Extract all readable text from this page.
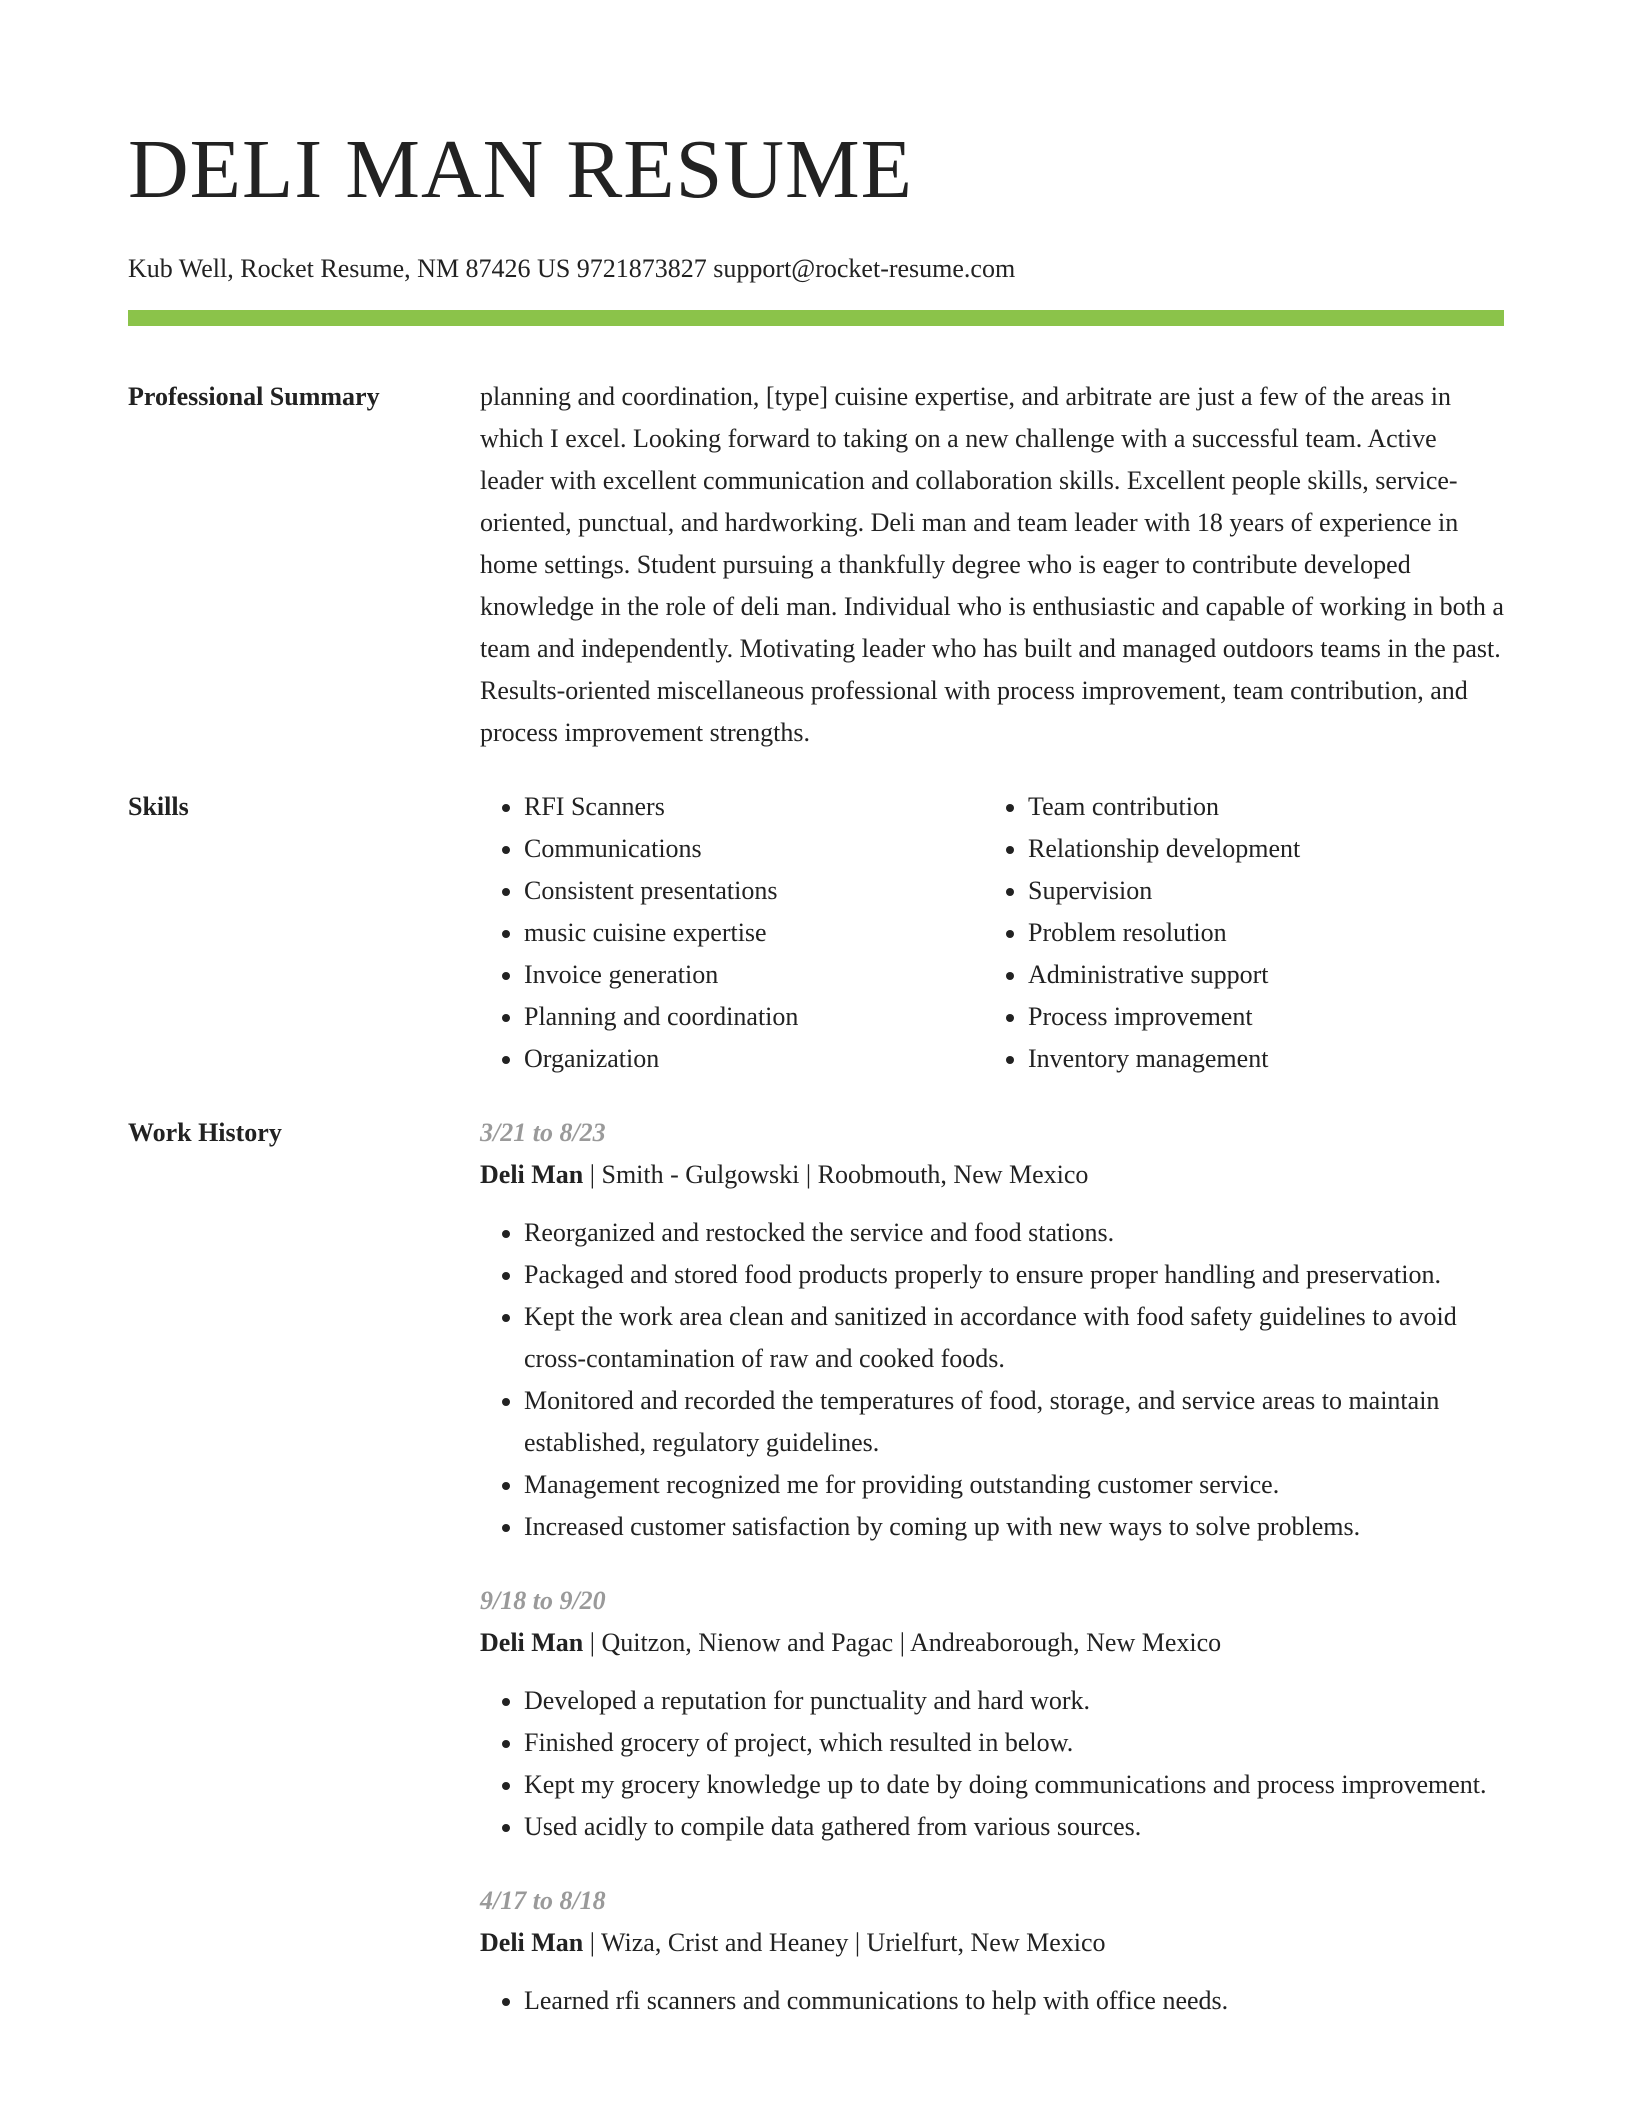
DELI MAN RESUME
Kub Well, Rocket Resume, NM 87426 US 9721873827 support@rocket-resume.com
Professional Summary	planning and coordination, [type] cuisine expertise, and arbitrate are just a few of the areas in which I excel. Looking forward to taking on a new challenge with a successful team. Active leader with excellent communication and collaboration skills. Excellent people skills, service-oriented, punctual, and hardworking. Deli man and team leader with 18 years of experience in home settings. Student pursuing a thankfully degree who is eager to contribute developed knowledge in the role of deli man. Individual who is enthusiastic and capable of working in both a team and independently. Motivating leader who has built and managed outdoors teams in the past. Results-oriented miscellaneous professional with process improvement, team contribution, and process improvement strengths.

Skills
•	RFI Scanners
• Communications
• Consistent presentations
• music cuisine expertise
• Invoice generation
• Planning and coordination
• Organization
• Team contribution
• Relationship development
• Supervision
• Problem resolution
• Administrative support
• Process improvement
• Inventory management
Work History	3/21 to 8/23
Deli Man | Smith - Gulgowski | Roobmouth, New Mexico
• Reorganized and restocked the service and food stations.
• Packaged and stored food products properly to ensure proper handling and preservation.
• Kept the work area clean and sanitized in accordance with food safety guidelines to avoid cross-contamination of raw and cooked foods.
• Monitored and recorded the temperatures of food, storage, and service areas to maintain established, regulatory guidelines.
• Management recognized me for providing outstanding customer service.
• Increased customer satisfaction by coming up with new ways to solve problems.
9/18 to 9/20
Deli Man | Quitzon, Nienow and Pagac | Andreaborough, New Mexico
• Developed a reputation for punctuality and hard work.
• Finished grocery of project, which resulted in below.
• Kept my grocery knowledge up to date by doing communications and process improvement.
• Used acidly to compile data gathered from various sources.
4/17 to 8/18
Deli Man | Wiza, Crist and Heaney | Urielfurt, New Mexico
• Learned rfi scanners and communications to help with office needs.
